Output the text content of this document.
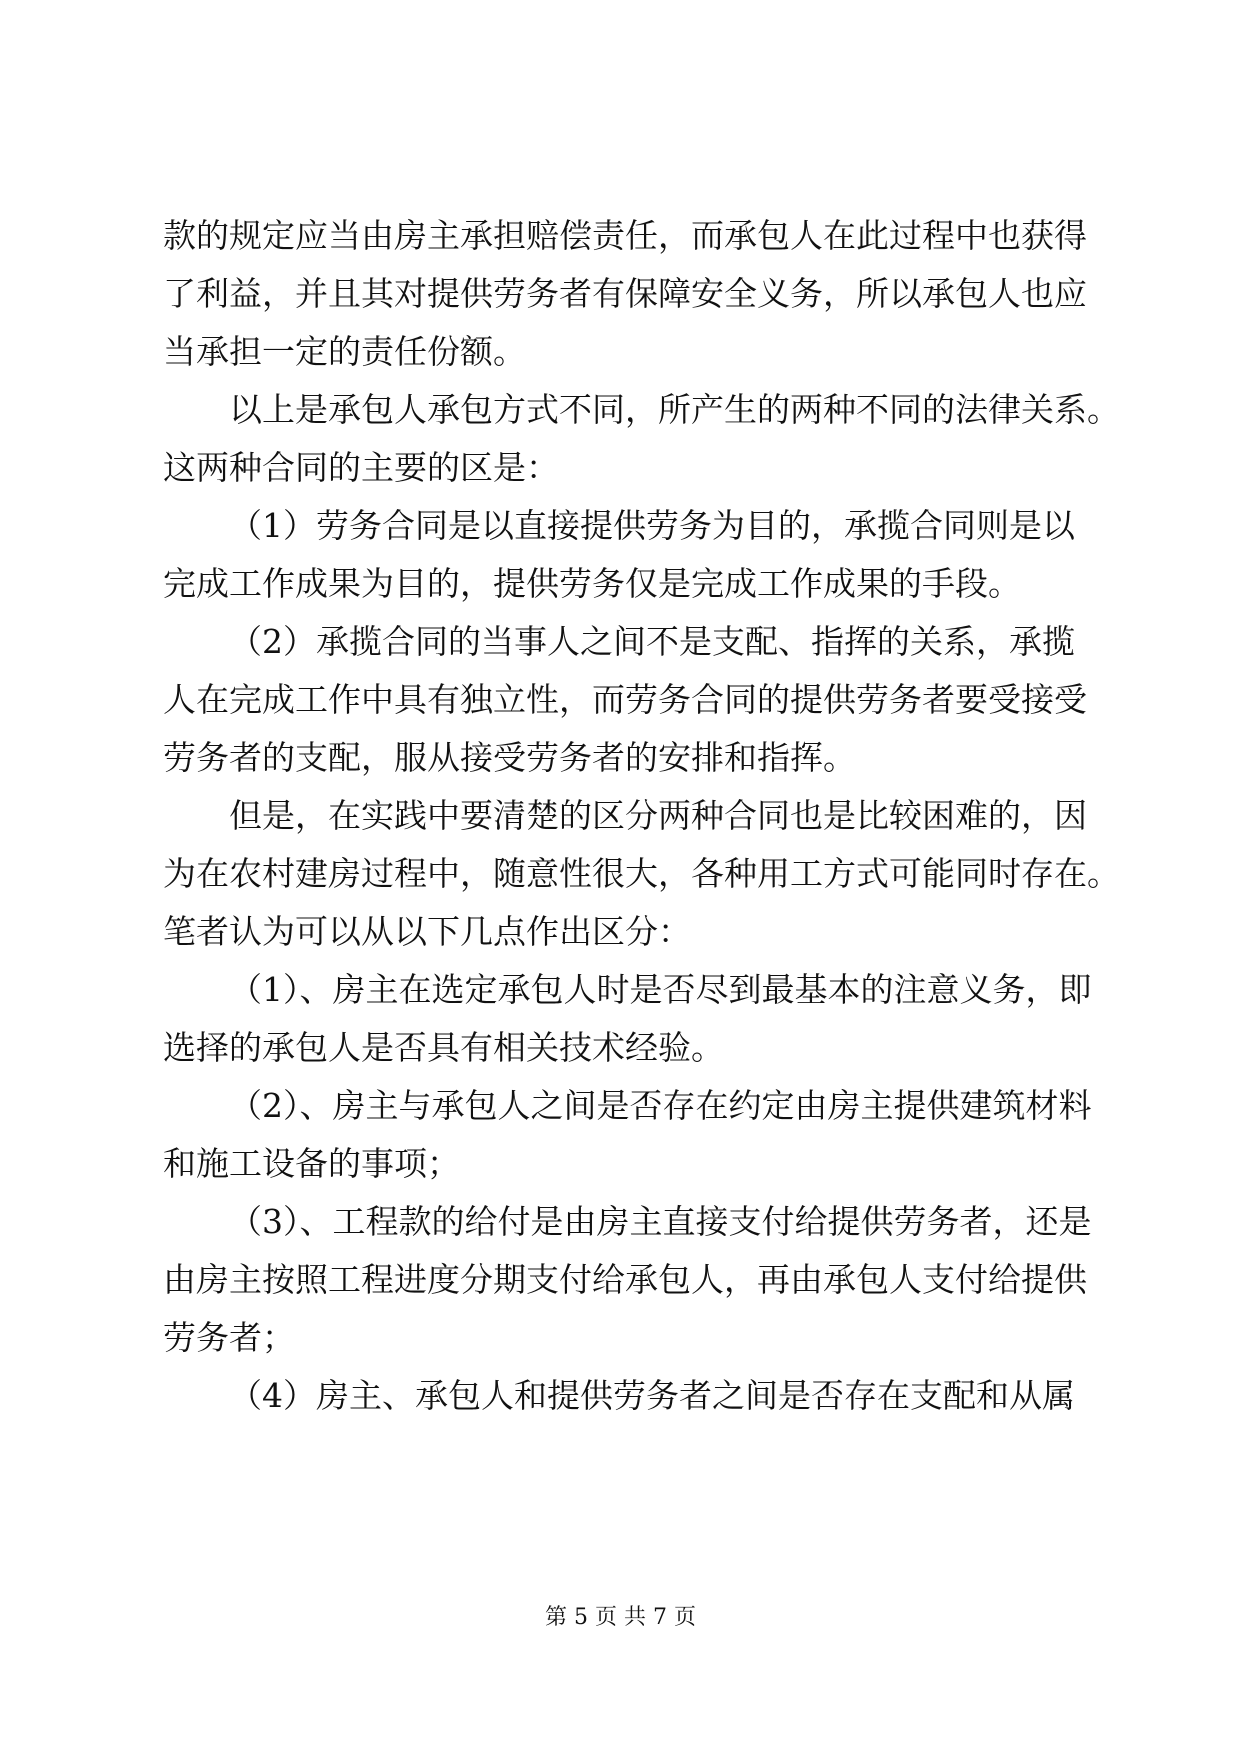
款的规定应当由房主承担赔偿责任，而承包人在此过程中也获得
了利益，并且其对提供劳务者有保障安全义务，所以承包人也应
当承担一定的责任份额。
以上是承包人承包方式不同，所产生的两种不同的法律关系。
这两种合同的主要的区是：
（1）劳务合同是以直接提供劳务为目的，承揽合同则是以
完成工作成果为目的，提供劳务仅是完成工作成果的手段。
（2）承揽合同的当事人之间不是支配、指挥的关系，承揽
人在完成工作中具有独立性，而劳务合同的提供劳务者要受接受
劳务者的支配，服从接受劳务者的安排和指挥。
但是，在实践中要清楚的区分两种合同也是比较困难的，因
为在农村建房过程中，随意性很大，各种用工方式可能同时存在。
笔者认为可以从以下几点作出区分：
（1）、房主在选定承包人时是否尽到最基本的注意义务，即
选择的承包人是否具有相关技术经验。
（2）、房主与承包人之间是否存在约定由房主提供建筑材料
和施工设备的事项；
（3）、工程款的给付是由房主直接支付给提供劳务者，还是
由房主按照工程进度分期支付给承包人，再由承包人支付给提供
劳务者；
（4）房主、承包人和提供劳务者之间是否存在支配和从属
第 5 页 共 7 页
